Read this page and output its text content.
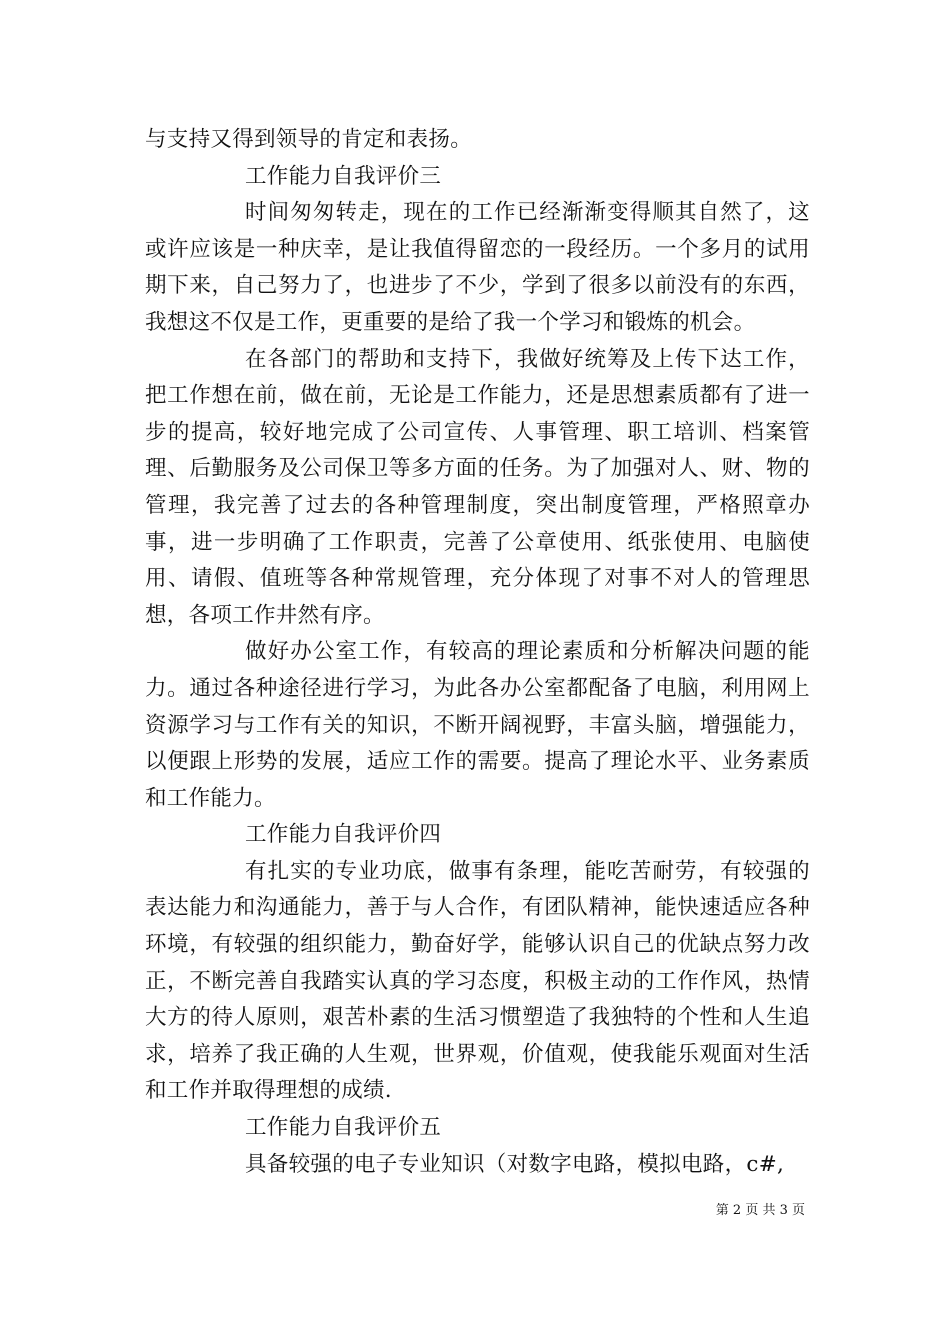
与支持又得到领导的肯定和表扬。

工作能力自我评价三

时间匆匆转走，现在的工作已经渐渐变得顺其自然了，这或许应该是一种庆幸，是让我值得留恋的一段经历。一个多月的试用期下来，自己努力了，也进步了不少，学到了很多以前没有的东西，我想这不仅是工作，更重要的是给了我一个学习和锻炼的机会。

在各部门的帮助和支持下，我做好统筹及上传下达工作，把工作想在前，做在前，无论是工作能力，还是思想素质都有了进一步的提高，较好地完成了公司宣传、人事管理、职工培训、档案管理、后勤服务及公司保卫等多方面的任务。为了加强对人、财、物的管理，我完善了过去的各种管理制度，突出制度管理，严格照章办事，进一步明确了工作职责，完善了公章使用、纸张使用、电脑使用、请假、值班等各种常规管理，充分体现了对事不对人的管理思想，各项工作井然有序。

做好办公室工作，有较高的理论素质和分析解决问题的能力。通过各种途径进行学习，为此各办公室都配备了电脑，利用网上资源学习与工作有关的知识，不断开阔视野，丰富头脑，增强能力，以便跟上形势的发展，适应工作的需要。提高了理论水平、业务素质和工作能力。

工作能力自我评价四

有扎实的专业功底，做事有条理，能吃苦耐劳，有较强的表达能力和沟通能力，善于与人合作，有团队精神，能快速适应各种环境，有较强的组织能力，勤奋好学，能够认识自己的优缺点努力改正，不断完善自我踏实认真的学习态度，积极主动的工作作风，热情大方的待人原则，艰苦朴素的生活习惯塑造了我独特的个性和人生追求，培养了我正确的人生观，世界观，价值观，使我能乐观面对生活和工作并取得理想的成绩.

工作能力自我评价五

具备较强的电子专业知识（对数字电路，模拟电路，c#,

第 2 页 共 3 页
